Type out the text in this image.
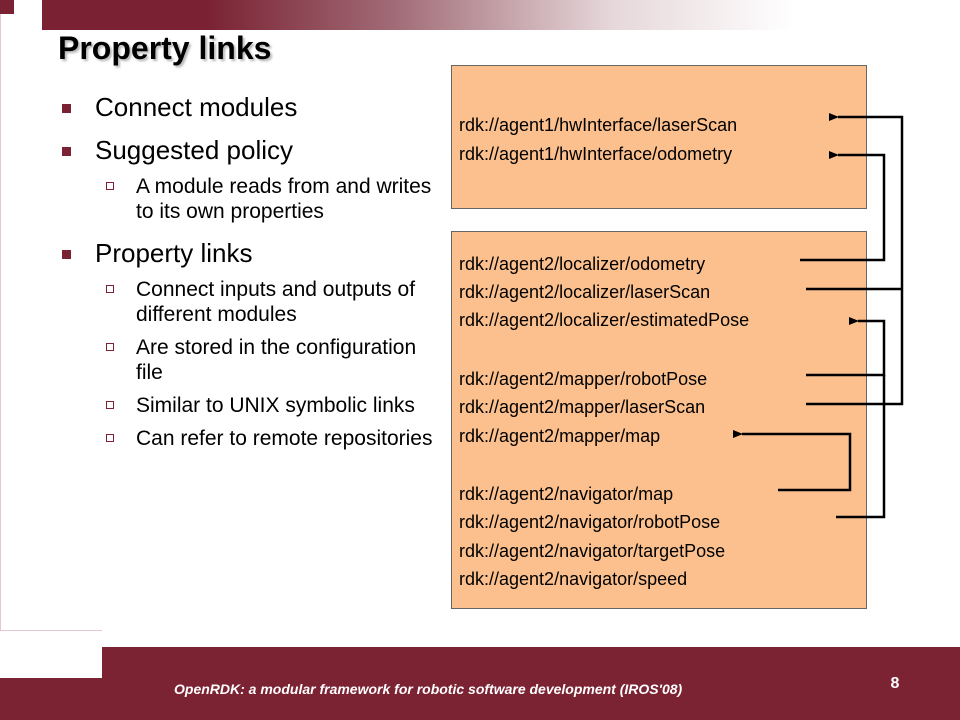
Property links
Connect modules
Suggested policy
A module reads from and writes to its own properties
Property links
Connect inputs and outputs of different modules
Are stored in the configuration file
Similar to UNIX symbolic links
Can refer to remote repositories
rdk://agent1/hwInterface/laserScan
rdk://agent1/hwInterface/odometry
rdk://agent2/localizer/odometry
rdk://agent2/localizer/laserScan
rdk://agent2/localizer/estimatedPose
rdk://agent2/mapper/robotPose
rdk://agent2/mapper/laserScan
rdk://agent2/mapper/map
rdk://agent2/navigator/map
rdk://agent2/navigator/robotPose
rdk://agent2/navigator/targetPose
rdk://agent2/navigator/speed
OpenRDK: a modular framework for robotic software development (IROS'08)	8
